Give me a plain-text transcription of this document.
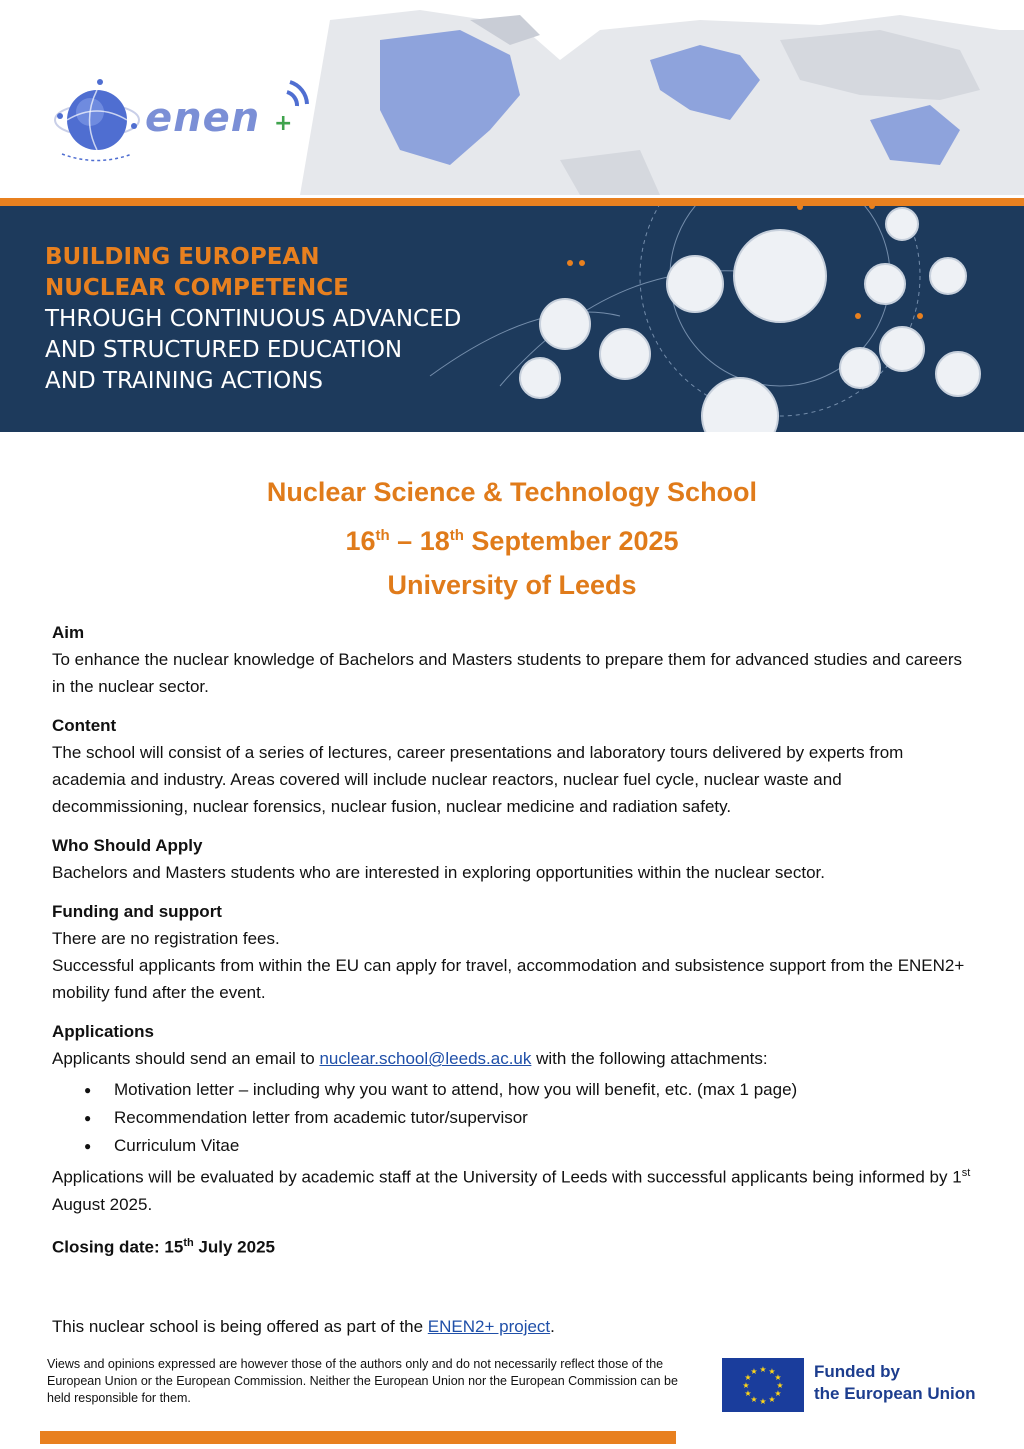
+
enen
BUILDING EUROPEAN
NUCLEAR COMPETENCE
THROUGH CONTINUOUS ADVANCED
AND STRUCTURED EDUCATION
AND TRAINING ACTIONS
Nuclear Science & Technology School
16th – 18th September 2025
University of Leeds
Aim
To enhance the nuclear knowledge of Bachelors and Masters students to prepare them for advanced studies and careers in the nuclear sector.
Content
The school will consist of a series of lectures, career presentations and laboratory tours delivered by experts from academia and industry. Areas covered will include nuclear reactors, nuclear fuel cycle, nuclear waste and decommissioning, nuclear forensics, nuclear fusion, nuclear medicine and radiation safety.
Who Should Apply
Bachelors and Masters students who are interested in exploring opportunities within the nuclear sector.
Funding and support
There are no registration fees.
Successful applicants from within the EU can apply for travel, accommodation and subsistence support from the ENEN2+ mobility fund after the event.
Applications
Applicants should send an email to nuclear.school@leeds.ac.uk with the following attachments:
● Motivation letter – including why you want to attend, how you will benefit, etc. (max 1 page)
● Recommendation letter from academic tutor/supervisor
● Curriculum Vitae
Applications will be evaluated by academic staff at the University of Leeds with successful applicants being informed by 1st August 2025.
Closing date: 15th July 2025
This nuclear school is being offered as part of the ENEN2+ project.
Views and opinions expressed are however those of the authors only and do not necessarily reflect those of the European Union or the European Commission. Neither the European Union nor the European Commission can be held responsible for them.
★ ★
★
★
★
★
★
★
★
★
★
★	Funded by
the European Union
